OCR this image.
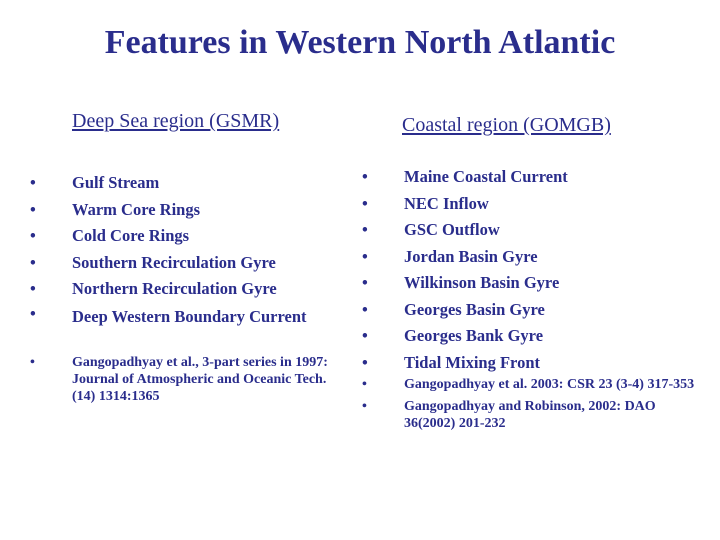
Features in Western North Atlantic
Deep Sea region (GSMR)	Coastal region (GOMGB)
• Gulf Stream
• Warm Core Rings
• Cold Core Rings
• Southern Recirculation Gyre
• Northern Recirculation Gyre
• Deep Western Boundary Current
•	Gangopadhyay et al., 3-part series in 1997: Journal of Atmospheric and Oceanic Tech. (14) 1314:1365
• Maine Coastal Current
• NEC Inflow
• GSC Outflow
• Jordan Basin Gyre
• Wilkinson Basin Gyre
• Georges Basin Gyre
• Georges Bank Gyre
• Tidal Mixing Front
•	Gangopadhyay et al. 2003: CSR 23 (3-4) 317-353
•	Gangopadhyay and Robinson, 2002: DAO 36(2002) 201-232
